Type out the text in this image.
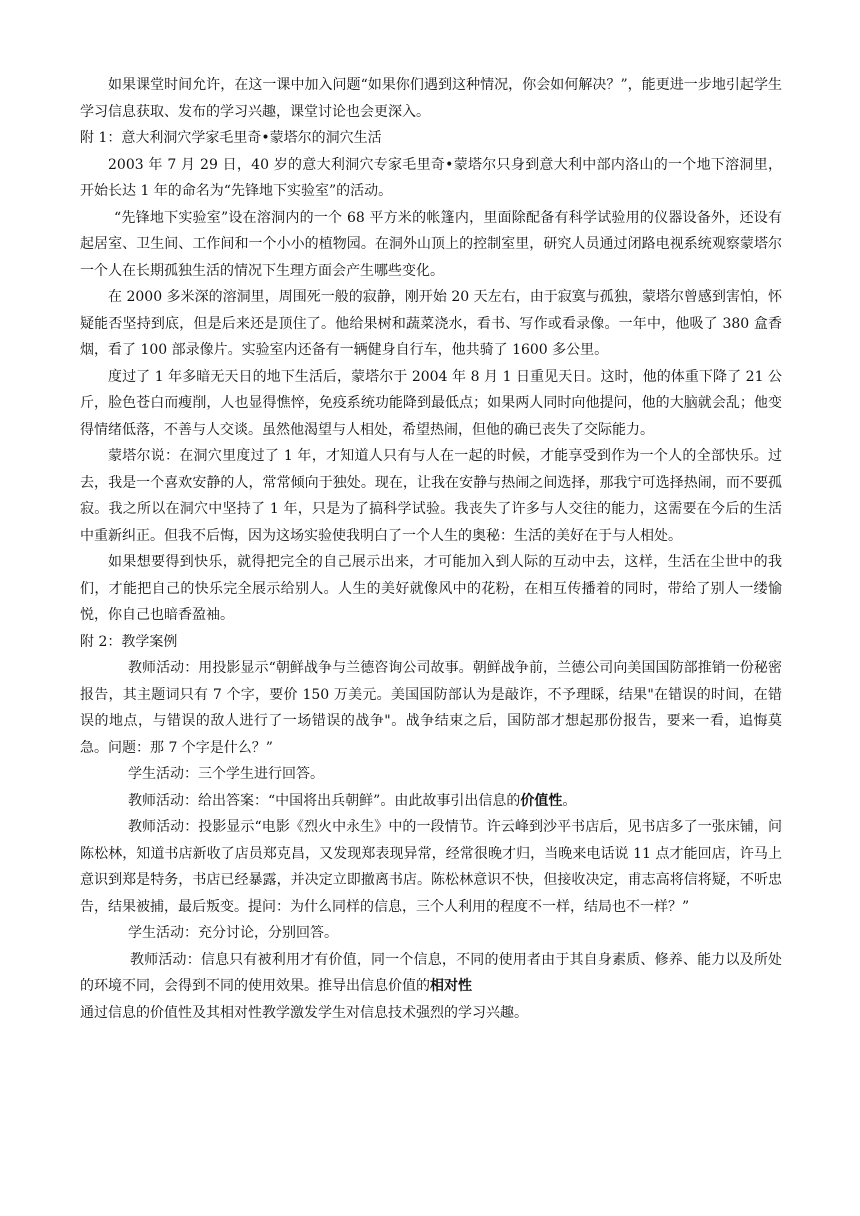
如果课堂时间允许，在这一课中加入问题“如果你们遇到这种情况，你会如何解决？”，能更进一步地引起学生学习信息获取、发布的学习兴趣，课堂讨论也会更深入。

附 1：意大利洞穴学家毛里奇•蒙塔尔的洞穴生活

2003 年 7 月 29 日，40 岁的意大利洞穴专家毛里奇•蒙塔尔只身到意大利中部内洛山的一个地下溶洞里，开始长达 1 年的命名为“先锋地下实验室”的活动。

“先锋地下实验室”设在溶洞内的一个 68 平方米的帐篷内，里面除配备有科学试验用的仪器设备外，还设有起居室、卫生间、工作间和一个小小的植物园。在洞外山顶上的控制室里，研究人员通过闭路电视系统观察蒙塔尔一个人在长期孤独生活的情况下生理方面会产生哪些变化。

在 2000 多米深的溶洞里，周围死一般的寂静，刚开始 20 天左右，由于寂寞与孤独，蒙塔尔曾感到害怕，怀疑能否坚持到底，但是后来还是顶住了。他给果树和蔬菜浇水，看书、写作或看录像。一年中，他吸了 380 盒香烟，看了 100 部录像片。实验室内还备有一辆健身自行车，他共骑了 1600 多公里。

度过了 1 年多暗无天日的地下生活后，蒙塔尔于 2004 年 8 月 1 日重见天日。这时，他的体重下降了 21 公斤，脸色苍白而瘦削，人也显得憔悴，免疫系统功能降到最低点；如果两人同时向他提问，他的大脑就会乱；他变得情绪低落，不善与人交谈。虽然他渴望与人相处，希望热闹，但他的确已丧失了交际能力。

蒙塔尔说：在洞穴里度过了 1 年，才知道人只有与人在一起的时候，才能享受到作为一个人的全部快乐。过去，我是一个喜欢安静的人，常常倾向于独处。现在，让我在安静与热闹之间选择，那我宁可选择热闹，而不要孤寂。我之所以在洞穴中坚持了 1 年，只是为了搞科学试验。我丧失了许多与人交往的能力，这需要在今后的生活中重新纠正。但我不后悔，因为这场实验使我明白了一个人生的奥秘：生活的美好在于与人相处。

如果想要得到快乐，就得把完全的自己展示出来，才可能加入到人际的互动中去，这样，生活在尘世中的我们，才能把自己的快乐完全展示给别人。人生的美好就像风中的花粉，在相互传播着的同时，带给了别人一缕愉悦，你自己也暗香盈袖。

附 2：教学案例

教师活动：用投影显示“朝鲜战争与兰德咨询公司故事。朝鲜战争前，兰德公司向美国国防部推销一份秘密报告，其主题词只有 7 个字，要价 150 万美元。美国国防部认为是敲诈，不予理睬，结果"在错误的时间，在错误的地点，与错误的敌人进行了一场错误的战争"。战争结束之后，国防部才想起那份报告，要来一看，追悔莫急。问题：那 7 个字是什么？”

学生活动：三个学生进行回答。

教师活动：给出答案：“中国将出兵朝鲜”。由此故事引出信息的价值性。

教师活动：投影显示“电影《烈火中永生》中的一段情节。许云峰到沙平书店后，见书店多了一张床铺，问陈松林，知道书店新收了店员郑克昌，又发现郑表现异常，经常很晚才归，当晚来电话说 11 点才能回店，许马上意识到郑是特务，书店已经暴露，并决定立即撤离书店。陈松林意识不快，但接收决定，甫志高将信将疑，不听忠告，结果被捕，最后叛变。提问：为什么同样的信息，三个人利用的程度不一样，结局也不一样？”

学生活动：充分讨论，分别回答。

教师活动：信息只有被利用才有价值，同一个信息，不同的使用者由于其自身素质、修养、能力以及所处的环境不同，会得到不同的使用效果。推导出信息价值的相对性

通过信息的价值性及其相对性教学激发学生对信息技术强烈的学习兴趣。
